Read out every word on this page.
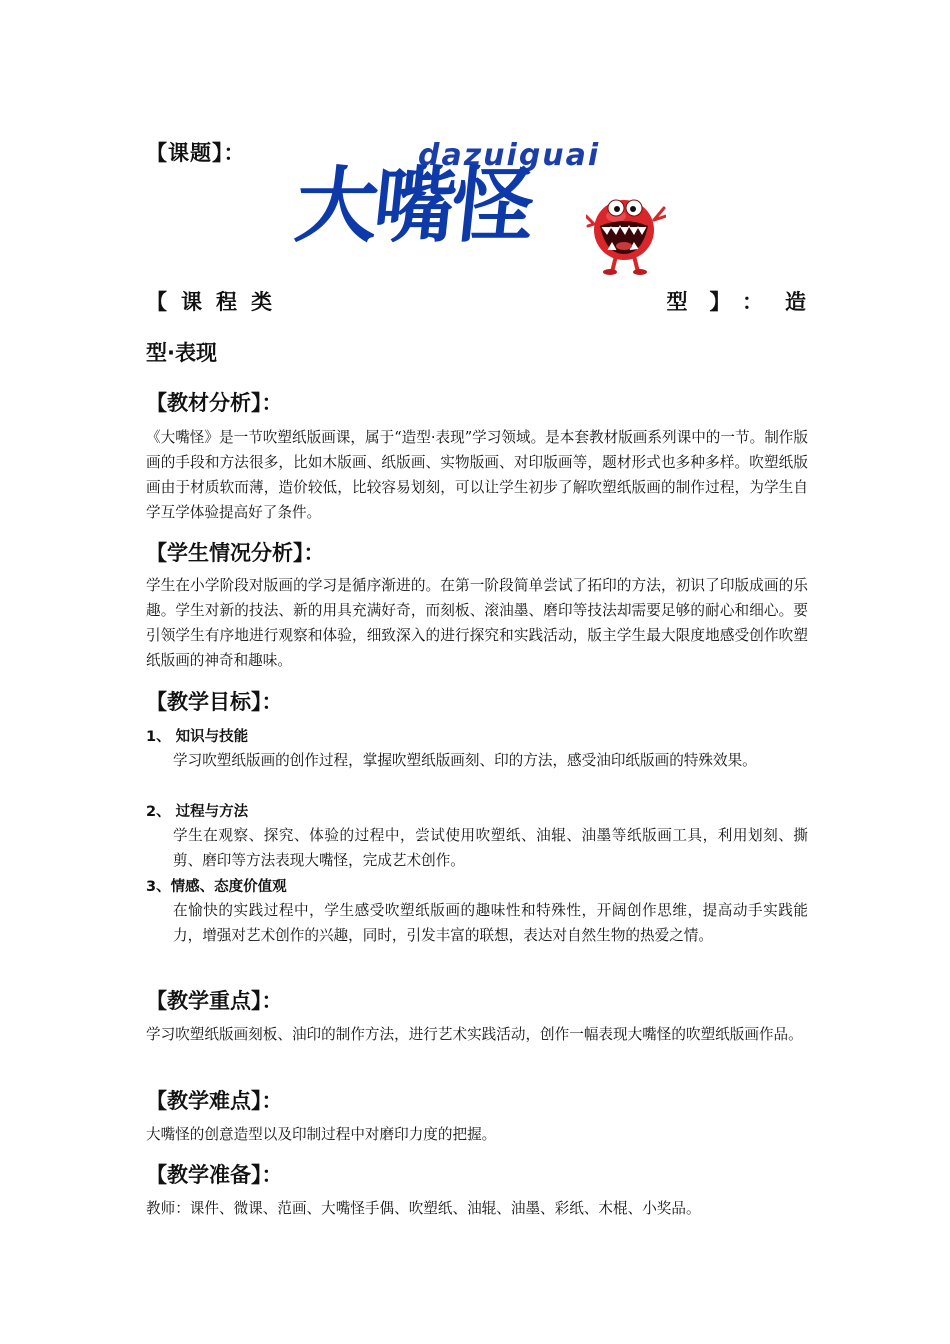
【课题】：	dazuiguai
大嘴怪
【 课 程 类	型 】 ： 造
型·表现
【教材分析】：
《大嘴怪》是一节吹塑纸版画课，属于“造型·表现”学习领域。是本套教材版画系列课中的一节。制作版画的手段和方法很多，比如木版画、纸版画、实物版画、对印版画等，题材形式也多种多样。吹塑纸版画由于材质软而薄，造价较低，比较容易划刻，可以让学生初步了解吹塑纸版画的制作过程，为学生自学互学体验提高好了条件。
【学生情况分析】：
学生在小学阶段对版画的学习是循序渐进的。在第一阶段简单尝试了拓印的方法，初识了印版成画的乐趣。学生对新的技法、新的用具充满好奇，而刻板、滚油墨、磨印等技法却需要足够的耐心和细心。要引领学生有序地进行观察和体验，细致深入的进行探究和实践活动，版主学生最大限度地感受创作吹塑纸版画的神奇和趣味。
【教学目标】：
1、 知识与技能
学习吹塑纸版画的创作过程，掌握吹塑纸版画刻、印的方法，感受油印纸版画的特殊效果。
2、 过程与方法
学生在观察、探究、体验的过程中，尝试使用吹塑纸、油辊、油墨等纸版画工具，利用划刻、撕剪、磨印等方法表现大嘴怪，完成艺术创作。
3、情感、态度价值观
在愉快的实践过程中，学生感受吹塑纸版画的趣味性和特殊性，开阔创作思维，提高动手实践能力，增强对艺术创作的兴趣，同时，引发丰富的联想，表达对自然生物的热爱之情。
【教学重点】：
学习吹塑纸版画刻板、油印的制作方法，进行艺术实践活动，创作一幅表现大嘴怪的吹塑纸版画作品。
【教学难点】：
大嘴怪的创意造型以及印制过程中对磨印力度的把握。
【教学准备】：
教师：课件、微课、范画、大嘴怪手偶、吹塑纸、油辊、油墨、彩纸、木棍、小奖品。
